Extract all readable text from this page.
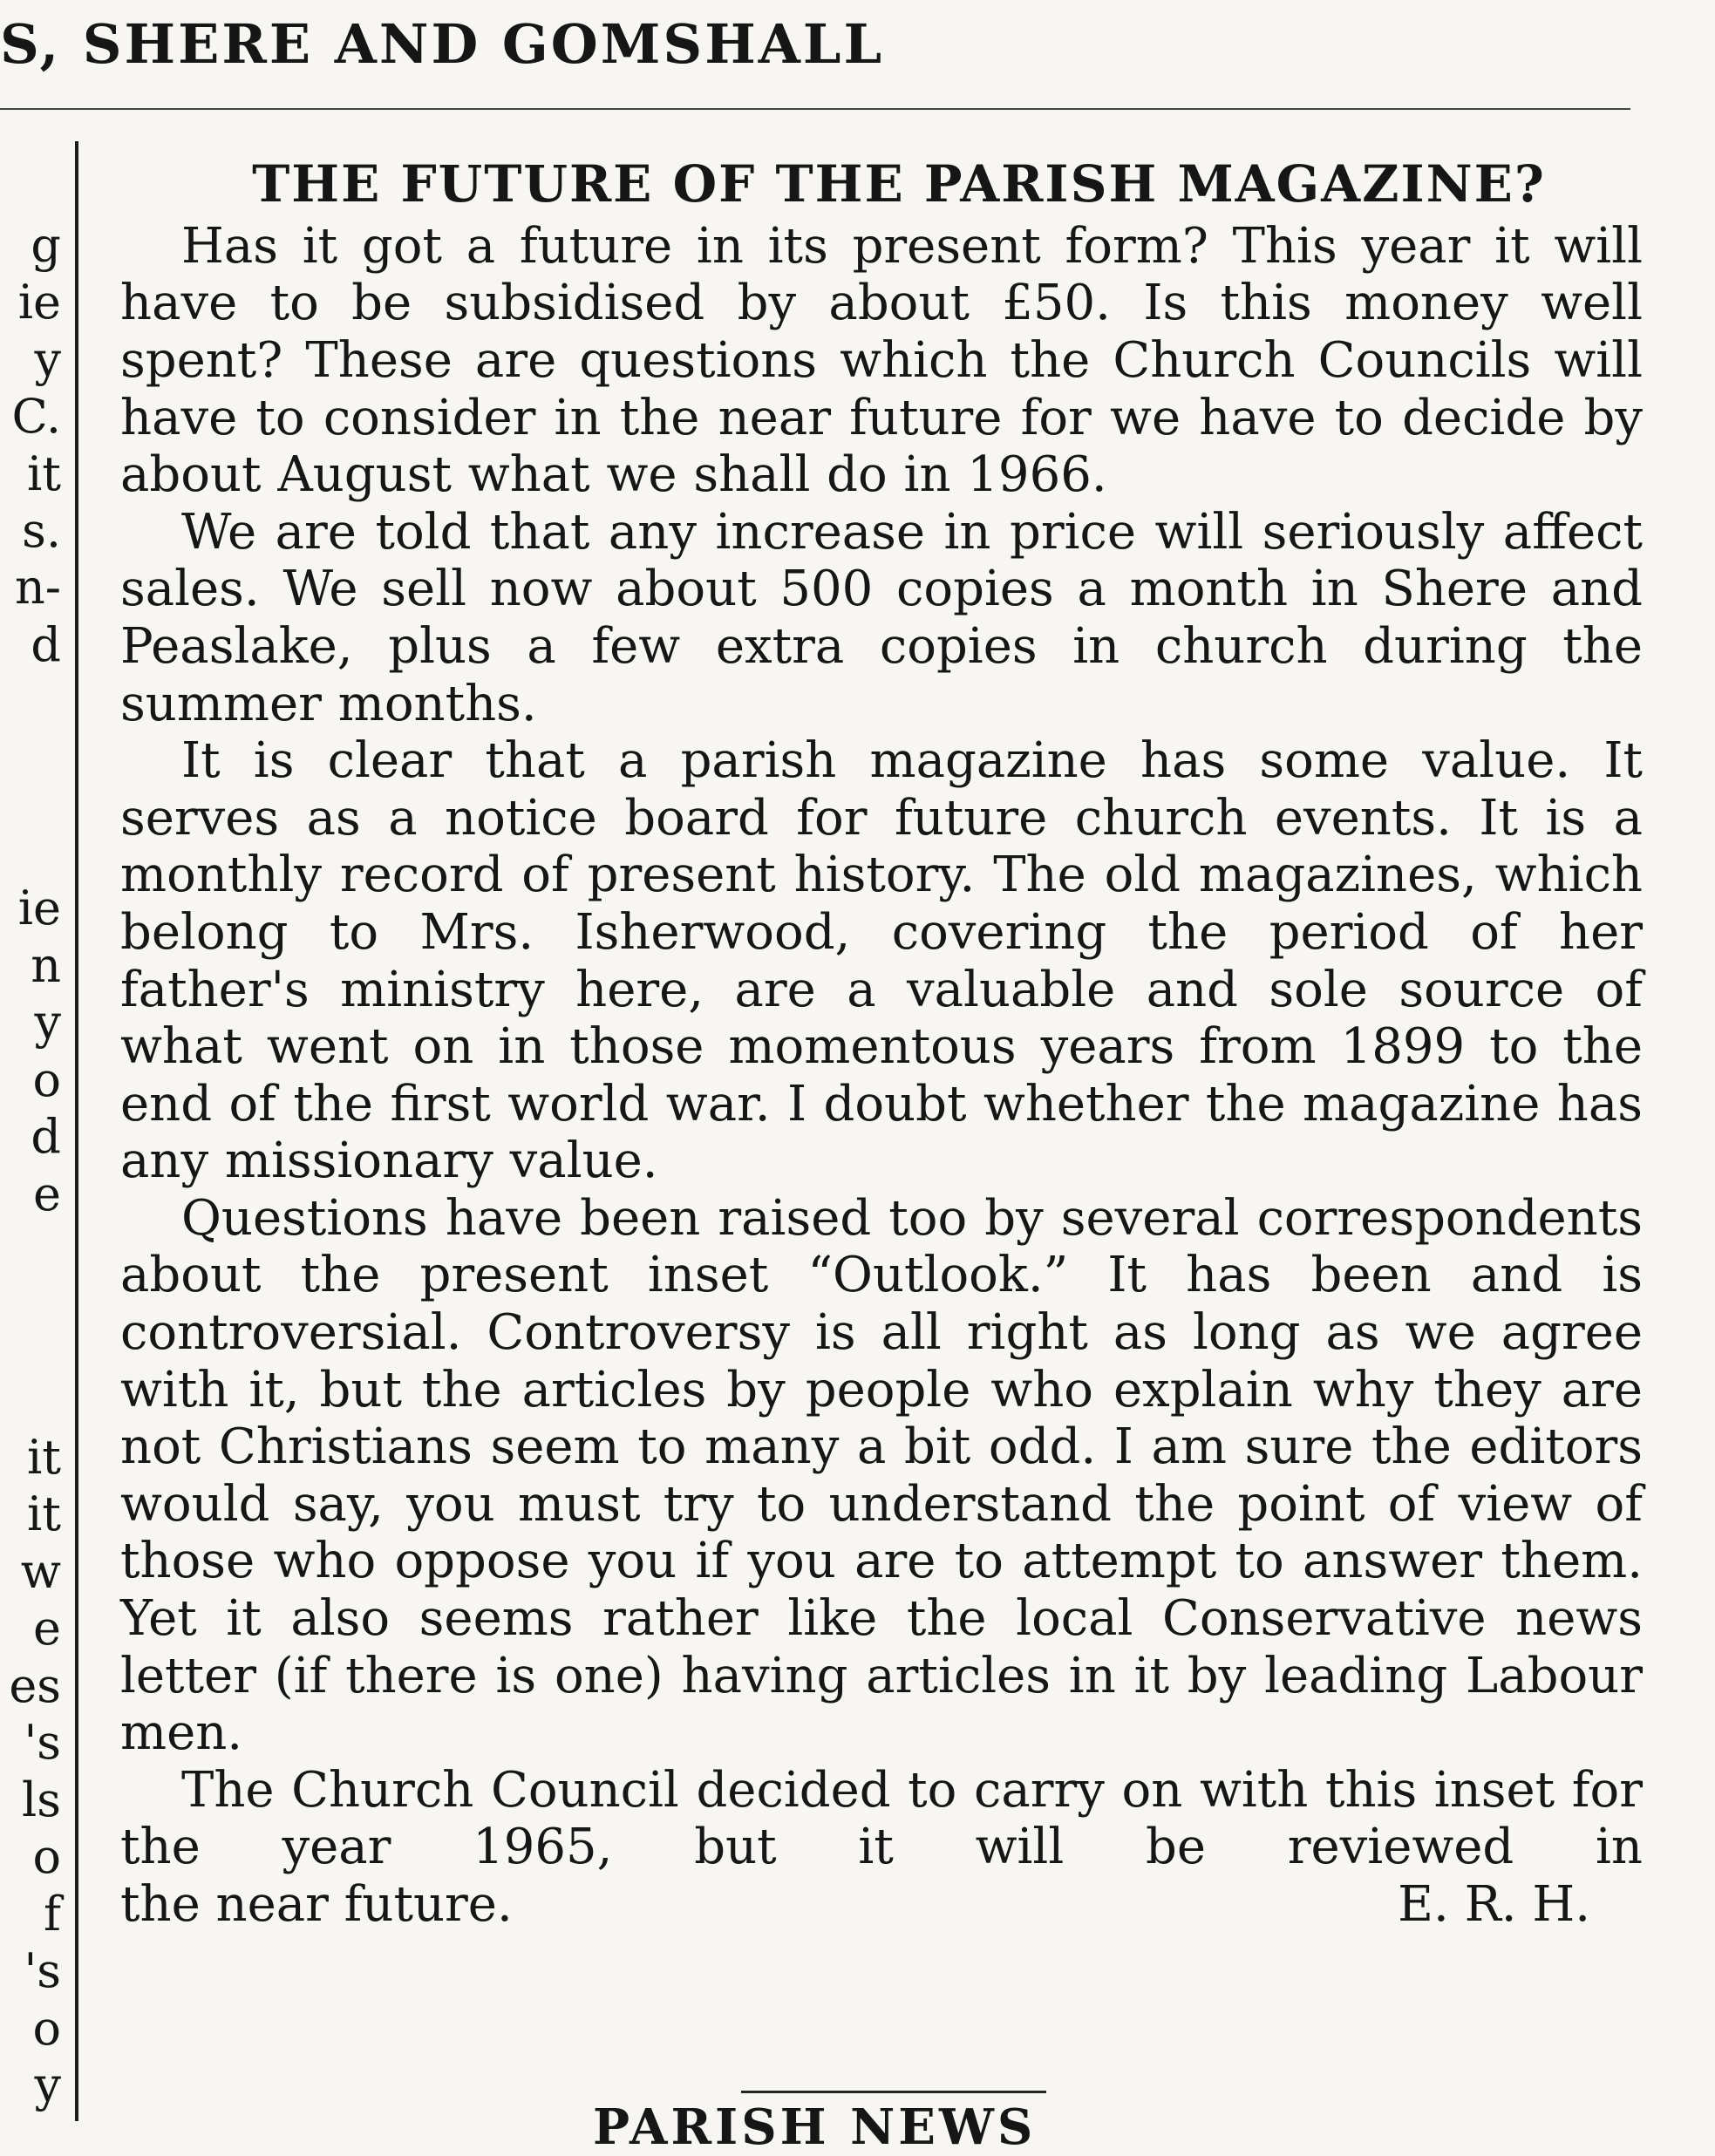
S, SHERE AND GOMSHALL
g
ie
y
C.
it
s.
n-
d
ie
n
y
o
d
e
it
it
w
e
es
's
ls
o
f
's
o
y
THE FUTURE OF THE PARISH MAGAZINE?

Has it got a future in its present form? This year it will have to be subsidised by about £50. Is this money well spent? These are questions which the Church Councils will have to consider in the near future for we have to decide by about August what we shall do in 1966.

We are told that any increase in price will seriously affect sales. We sell now about 500 copies a month in Shere and Peaslake, plus a few extra copies in church during the summer months.

It is clear that a parish magazine has some value. It serves as a notice board for future church events. It is a monthly record of present history. The old magazines, which belong to Mrs. Isherwood, covering the period of her father's ministry here, are a valuable and sole source of what went on in those momentous years from 1899 to the end of the first world war. I doubt whether the magazine has any missionary value.

Questions have been raised too by several correspondents about the present inset “Outlook.” It has been and is controversial. Controversy is all right as long as we agree with it, but the articles by people who explain why they are not Christians seem to many a bit odd. I am sure the editors would say, you must try to understand the point of view of those who oppose you if you are to attempt to answer them. Yet it also seems rather like the local Conservative news letter (if there is one) having articles in it by leading Labour men.

The Church Council decided to carry on with this inset for the year 1965, but it will be reviewed in

the near future.	E. R. H.
PARISH NEWS
